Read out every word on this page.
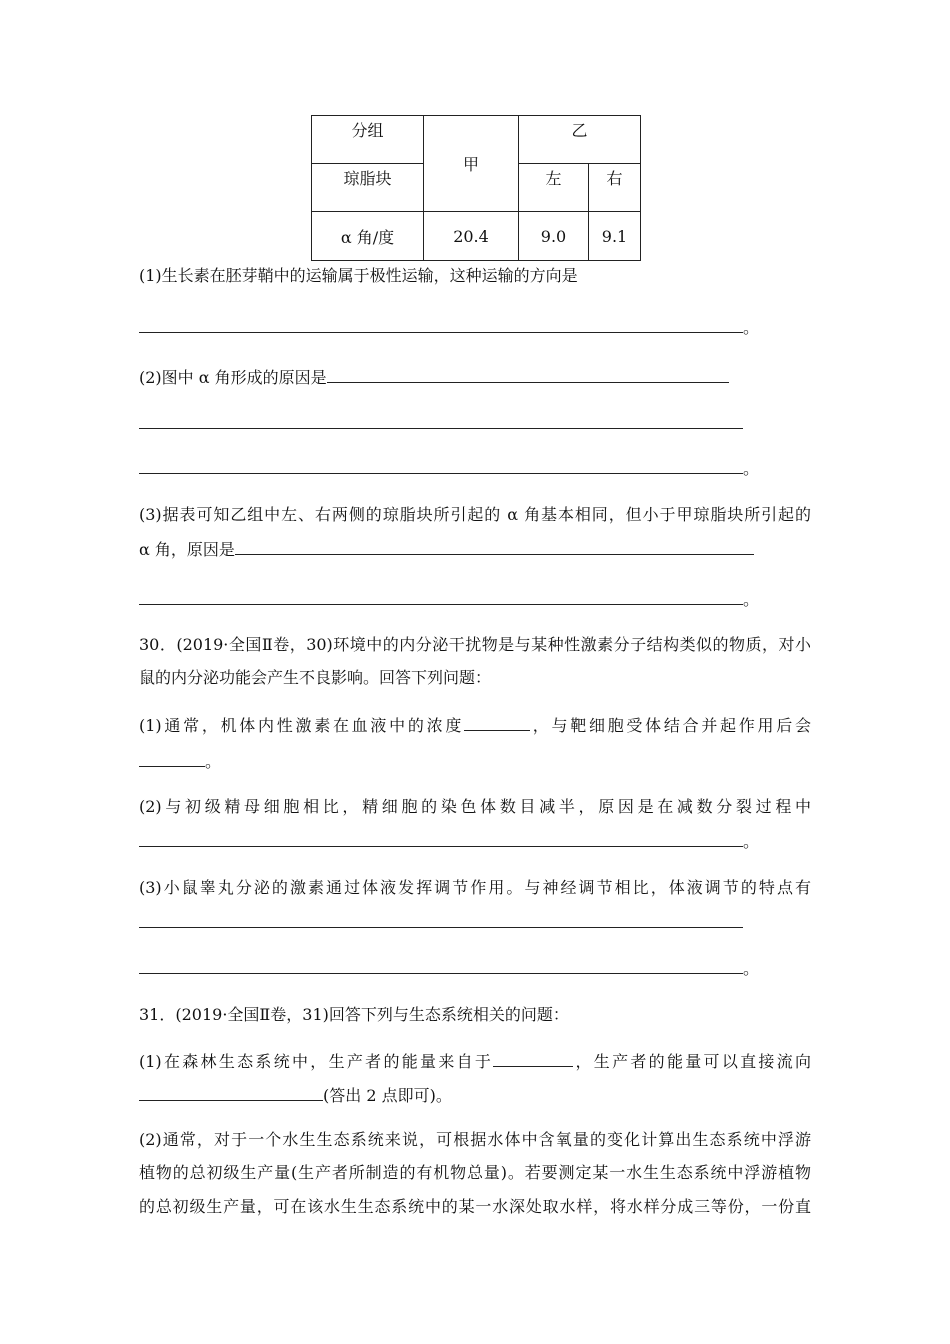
分组	甲	乙	
琼脂块		左	右
α 角/度	20.4	9.0	9.1
(1)生长素在胚芽鞘中的运输属于极性运输，这种运输的方向是
。
(2)图中 α 角形成的原因是
。
(3)据表可知乙组中左、右两侧的琼脂块所引起的 α 角基本相同，但小于甲琼脂块所引起的
α 角，原因是
。
30．(2019·全国Ⅱ卷，30)环境中的内分泌干扰物是与某种性激素分子结构类似的物质，对小
鼠的内分泌功能会产生不良影响。回答下列问题：
(1)通常，机体内性激素在血液中的浓度	，与靶细胞受体结合并起作用后会
。
(2)与初级精母细胞相比，精细胞的染色体数目减半，原因是在减数分裂过程中
。
(3)小鼠睾丸分泌的激素通过体液发挥调节作用。与神经调节相比，体液调节的特点有
。
31．(2019·全国Ⅱ卷，31)回答下列与生态系统相关的问题：
(1)在森林生态系统中，生产者的能量来自于	，生产者的能量可以直接流向
(答出 2 点即可)。
(2)通常，对于一个水生生态系统来说，可根据水体中含氧量的变化计算出生态系统中浮游
植物的总初级生产量(生产者所制造的有机物总量)。若要测定某一水生生态系统中浮游植物
的总初级生产量，可在该水生生态系统中的某一水深处取水样，将水样分成三等份，一份直
